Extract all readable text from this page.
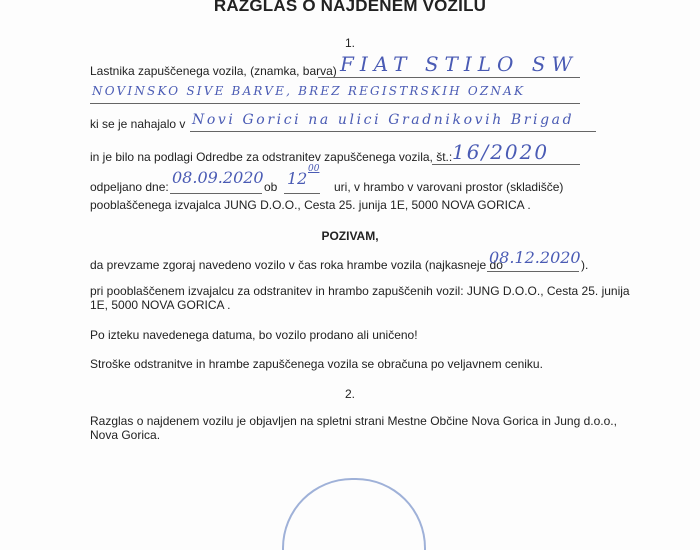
RAZGLAS O NAJDENEM VOZILU
1.
Lastnika zapuščenega vozila, (znamka, barva) FIAT STILO SW
NOVINSKO SIVE BARVE, BREZ REGISTRSKIH OZNAK
ki se je nahajalo v Novi Gorici na ulici Gradnikovih Brigad
in je bilo na podlagi Odredbe za odstranitev zapuščenega vozila, št.: 16/2020
odpeljano dne: 08.09.2020 ob 12 00
uri, v hrambo v varovani prostor (skladišče)
pooblaščenega izvajalca JUNG D.O.O., Cesta 25. junija 1E, 5000 NOVA GORICA .
POZIVAM,
da prevzame zgoraj navedeno vozilo v čas roka hrambe vozila (najkasneje do
08.12.2020 ).
pri pooblaščenem izvajalcu za odstranitev in hrambo zapuščenih vozil: JUNG D.O.O., Cesta 25. junija
1E, 5000 NOVA GORICA .
Po izteku navedenega datuma, bo vozilo prodano ali uničeno!
Stroške odstranitve in hrambe zapuščenega vozila se obračuna po veljavnem ceniku.
2.
Razglas o najdenem vozilu je objavljen na spletni strani Mestne Občine Nova Gorica in Jung d.o.o.,
Nova Gorica.
